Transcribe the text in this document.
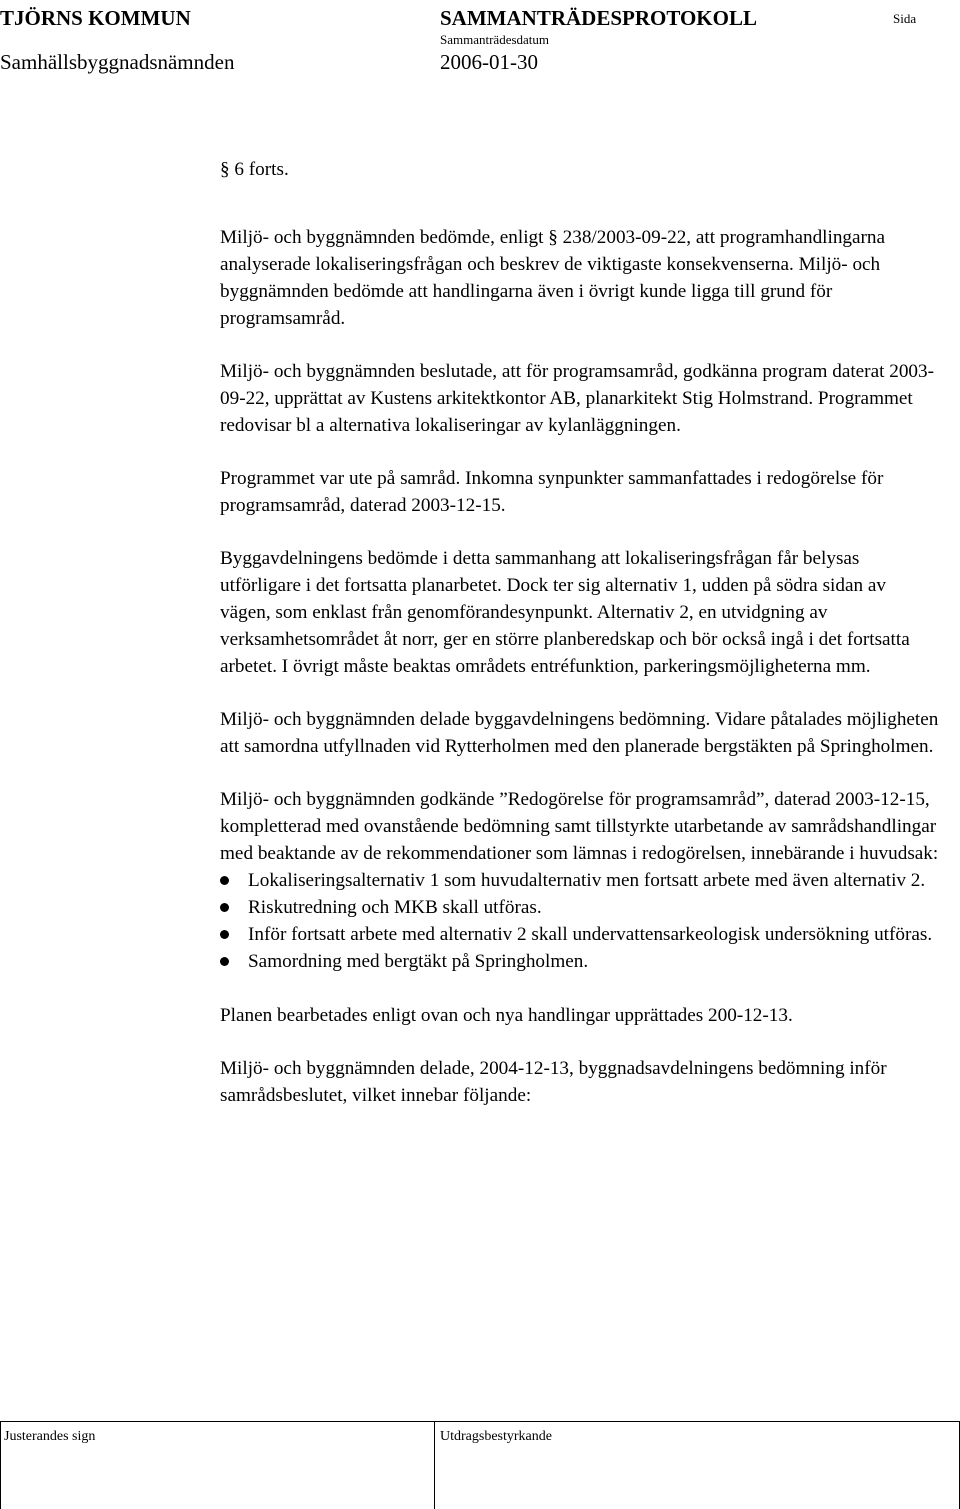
TJÖRNS KOMMUN
Samhällsbyggnadsnämnden
SAMMANTRÄDESPROTOKOLL
Sammanträdesdatum
2006-01-30
Sida

§ 6 forts.

Miljö- och byggnämnden bedömde, enligt § 238/2003-09-22, att programhandlingarna analyserade lokaliseringsfrågan och beskrev de viktigaste konsekvenserna. Miljö- och byggnämnden bedömde att handlingarna även i övrigt kunde ligga till grund för programsamråd.

Miljö- och byggnämnden beslutade, att för programsamråd, godkänna program daterat 2003-09-22, upprättat av Kustens arkitektkontor AB, planarkitekt Stig Holmstrand. Programmet redovisar bl a alternativa lokaliseringar av kylanläggningen.

Programmet var ute på samråd. Inkomna synpunkter sammanfattades i redogörelse för programsamråd, daterad 2003-12-15.

Byggavdelningens bedömde i detta sammanhang att lokaliseringsfrågan får belysas utförligare i det fortsatta planarbetet. Dock ter sig alternativ 1, udden på södra sidan av vägen, som enklast från genomförandesynpunkt. Alternativ 2, en utvidgning av verksamhetsområdet åt norr, ger en större planberedskap och bör också ingå i det fortsatta arbetet. I övrigt måste beaktas områdets entréfunktion, parkeringsmöjligheterna mm.

Miljö- och byggnämnden delade byggavdelningens bedömning. Vidare påtalades möjligheten att samordna utfyllnaden vid Rytterholmen med den planerade bergstäkten på Springholmen.

Miljö- och byggnämnden godkände ”Redogörelse för programsamråd”, daterad 2003-12-15, kompletterad med ovanstående bedömning samt tillstyrkte utarbetande av samrådshandlingar med beaktande av de rekommendationer som lämnas i redogörelsen, innebärande i huvudsak:

Lokaliseringsalternativ 1 som huvudalternativ men fortsatt arbete med även alternativ 2.
Riskutredning och MKB skall utföras.
Inför fortsatt arbete med alternativ 2 skall undervattensarkeologisk undersökning utföras.
Samordning med bergtäkt på Springholmen.

Planen bearbetades enligt ovan och nya handlingar upprättades 200-12-13.

Miljö- och byggnämnden delade, 2004-12-13, byggnadsavdelningens bedömning inför samrådsbeslutet, vilket innebar följande:

Justerandes sign	Utdragsbestyrkande
